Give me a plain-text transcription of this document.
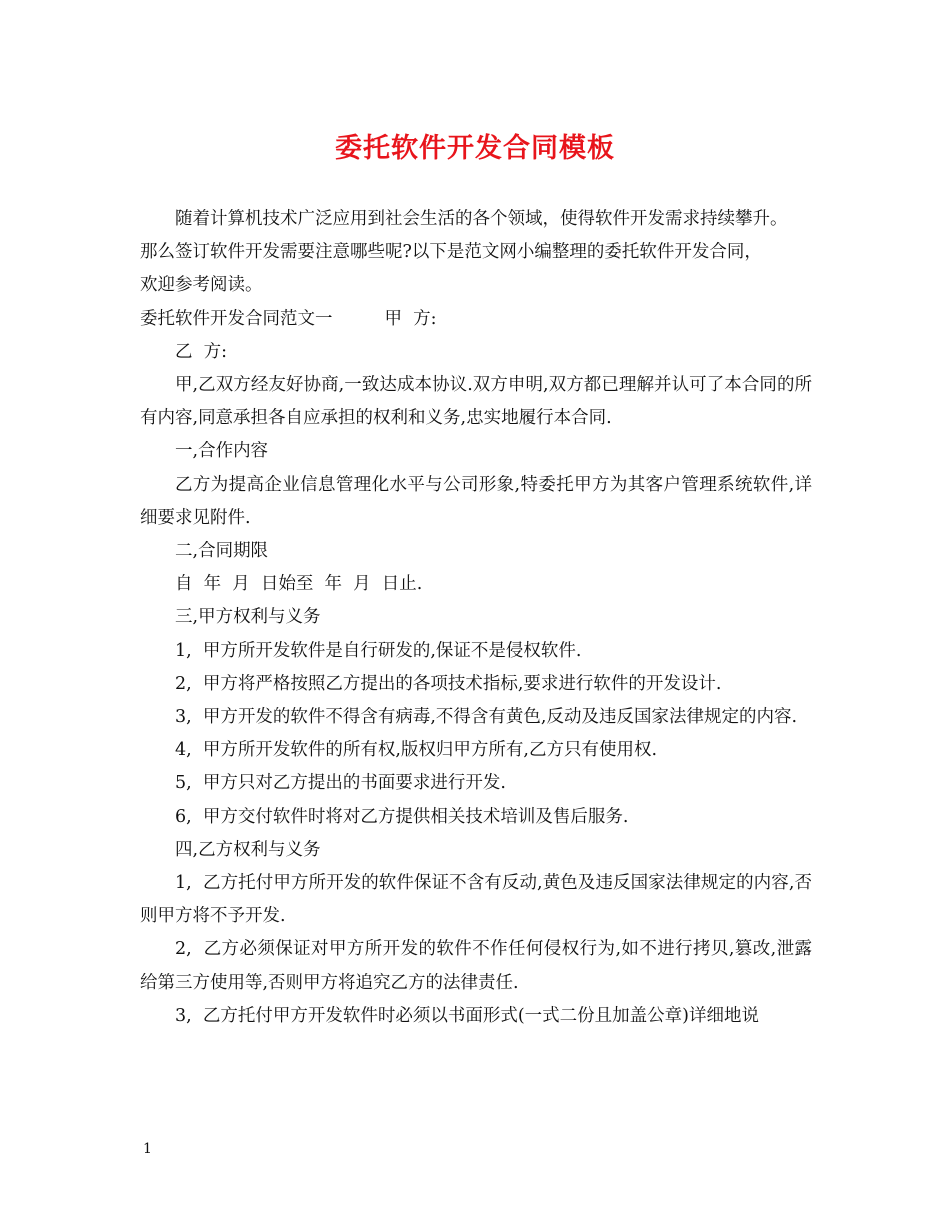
委托软件开发合同模板

随着计算机技术广泛应用到社会生活的各个领域，使得软件开发需求持续攀升。

那么签订软件开发需要注意哪些呢?以下是范文网小编整理的委托软件开发合同，

欢迎参考阅读。

委托软件开发合同范文一	甲  方:

乙  方:

甲,乙双方经友好协商,一致达成本协议.双方申明,双方都已理解并认可了本合同的所有内容,同意承担各自应承担的权利和义务,忠实地履行本合同.

一,合作内容

乙方为提高企业信息管理化水平与公司形象,特委托甲方为其客户管理系统软件,详细要求见附件.

二,合同期限

自  年  月  日始至  年  月  日止.

三,甲方权利与义务

1,  甲方所开发软件是自行研发的,保证不是侵权软件.

2,  甲方将严格按照乙方提出的各项技术指标,要求进行软件的开发设计.

3,  甲方开发的软件不得含有病毒,不得含有黄色,反动及违反国家法律规定的内容.

4,  甲方所开发软件的所有权,版权归甲方所有,乙方只有使用权.

5,  甲方只对乙方提出的书面要求进行开发.

6,  甲方交付软件时将对乙方提供相关技术培训及售后服务.

四,乙方权利与义务

1,  乙方托付甲方所开发的软件保证不含有反动,黄色及违反国家法律规定的内容,否则甲方将不予开发.

2,  乙方必须保证对甲方所开发的软件不作任何侵权行为,如不进行拷贝,篡改,泄露给第三方使用等,否则甲方将追究乙方的法律责任.

3,  乙方托付甲方开发软件时必须以书面形式(一式二份且加盖公章)详细地说

1
